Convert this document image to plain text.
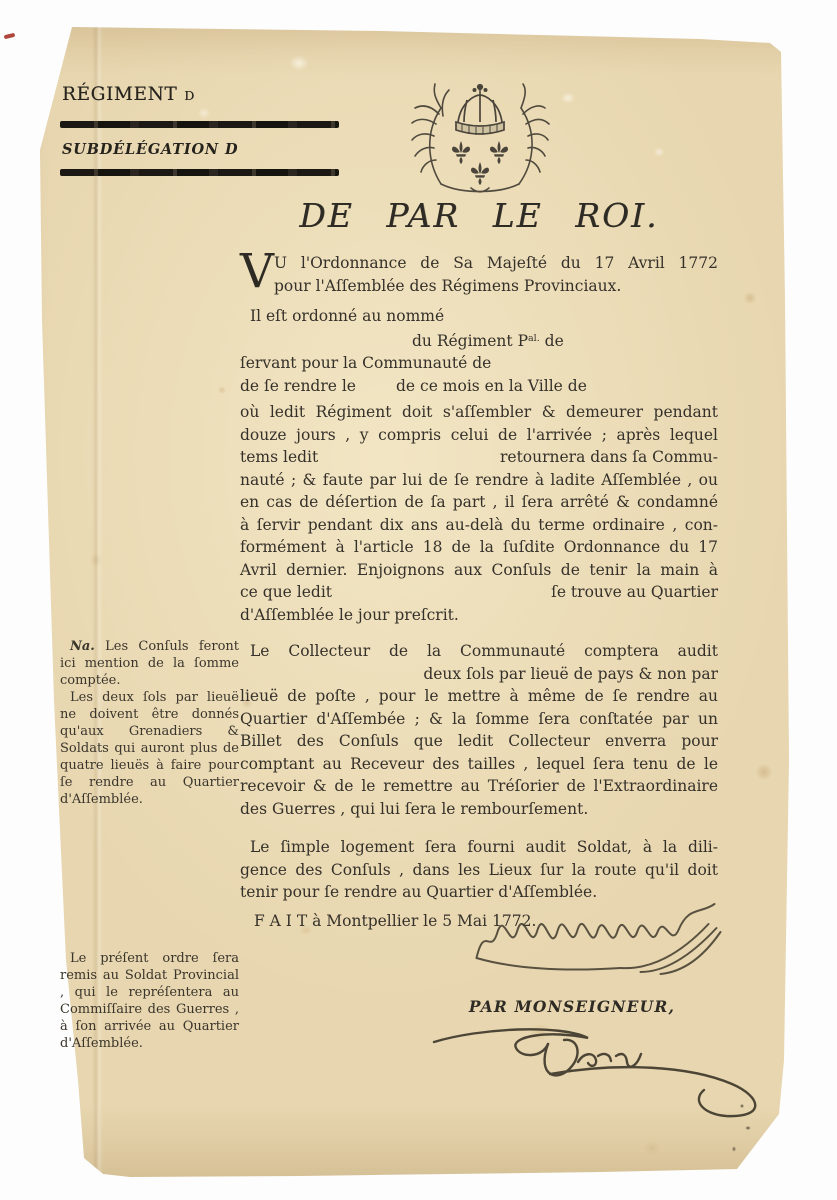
RÉGIMENT D
SUBDÉLÉGATION D
DE PAR LE ROI.
V U l'Ordonnance de Sa Majeſté du 17 Avril 1772
pour l'Aſſemblée des Régimens Provinciaux.
Il eſt ordonné au nommé
du Régiment $P^{al.}$ de
ſervant pour la Communauté de
de ſe rendre le	de ce mois en la Ville de
où ledit Régiment doit s'aſſembler & demeurer pendant
douze jours , y compris celui de l'arrivée ; après lequel
tems ledit	retournera dans ſa Commu-
nauté ; & faute par lui de ſe rendre à ladite Aſſemblée , ou
en cas de déſertion de ſa part , il ſera arrêté & condamné
à ſervir pendant dix ans au-delà du terme ordinaire , con-
formément à l'article 18 de la ſuſdite Ordonnance du 17
Avril dernier. Enjoignons aux Conſuls de tenir la main à
ce que ledit	ſe trouve au Quartier
d'Aſſemblée le jour preſcrit.
Le Collecteur de la Communauté comptera audit
deux ſols par lieuë de pays & non par
lieuë de poſte , pour le mettre à même de ſe rendre au
Quartier d'Aſſembée ; & la ſomme ſera conſtatée par un
Billet des Conſuls que ledit Collecteur enverra pour
comptant au Receveur des tailles , lequel ſera tenu de le
recevoir & de le remettre au Tréſorier de l'Extraordinaire
des Guerres , qui lui ſera le rembourſement.
Le ſimple logement ſera fourni audit Soldat, à la dili-
gence des Conſuls , dans les Lieux ſur la route qu'il doit
tenir pour ſe rendre au Quartier d'Aſſemblée.
F A I T à Montpellier le 5 Mai 1772.

Na. Les Conſuls feront ici mention de la ſomme comptée.

Les deux ſols par lieuë ne doivent être donnés qu'aux Grenadiers & Soldats qui auront plus de quatre lieuës à faire pour ſe rendre au Quartier d'Aſſemblée.

Le préſent ordre ſera remis au Soldat Provincial , qui le repréſentera au Commiſſaire des Guerres , à ſon arrivée au Quartier d'Aſſemblée.

PAR MONSEIGNEUR,
